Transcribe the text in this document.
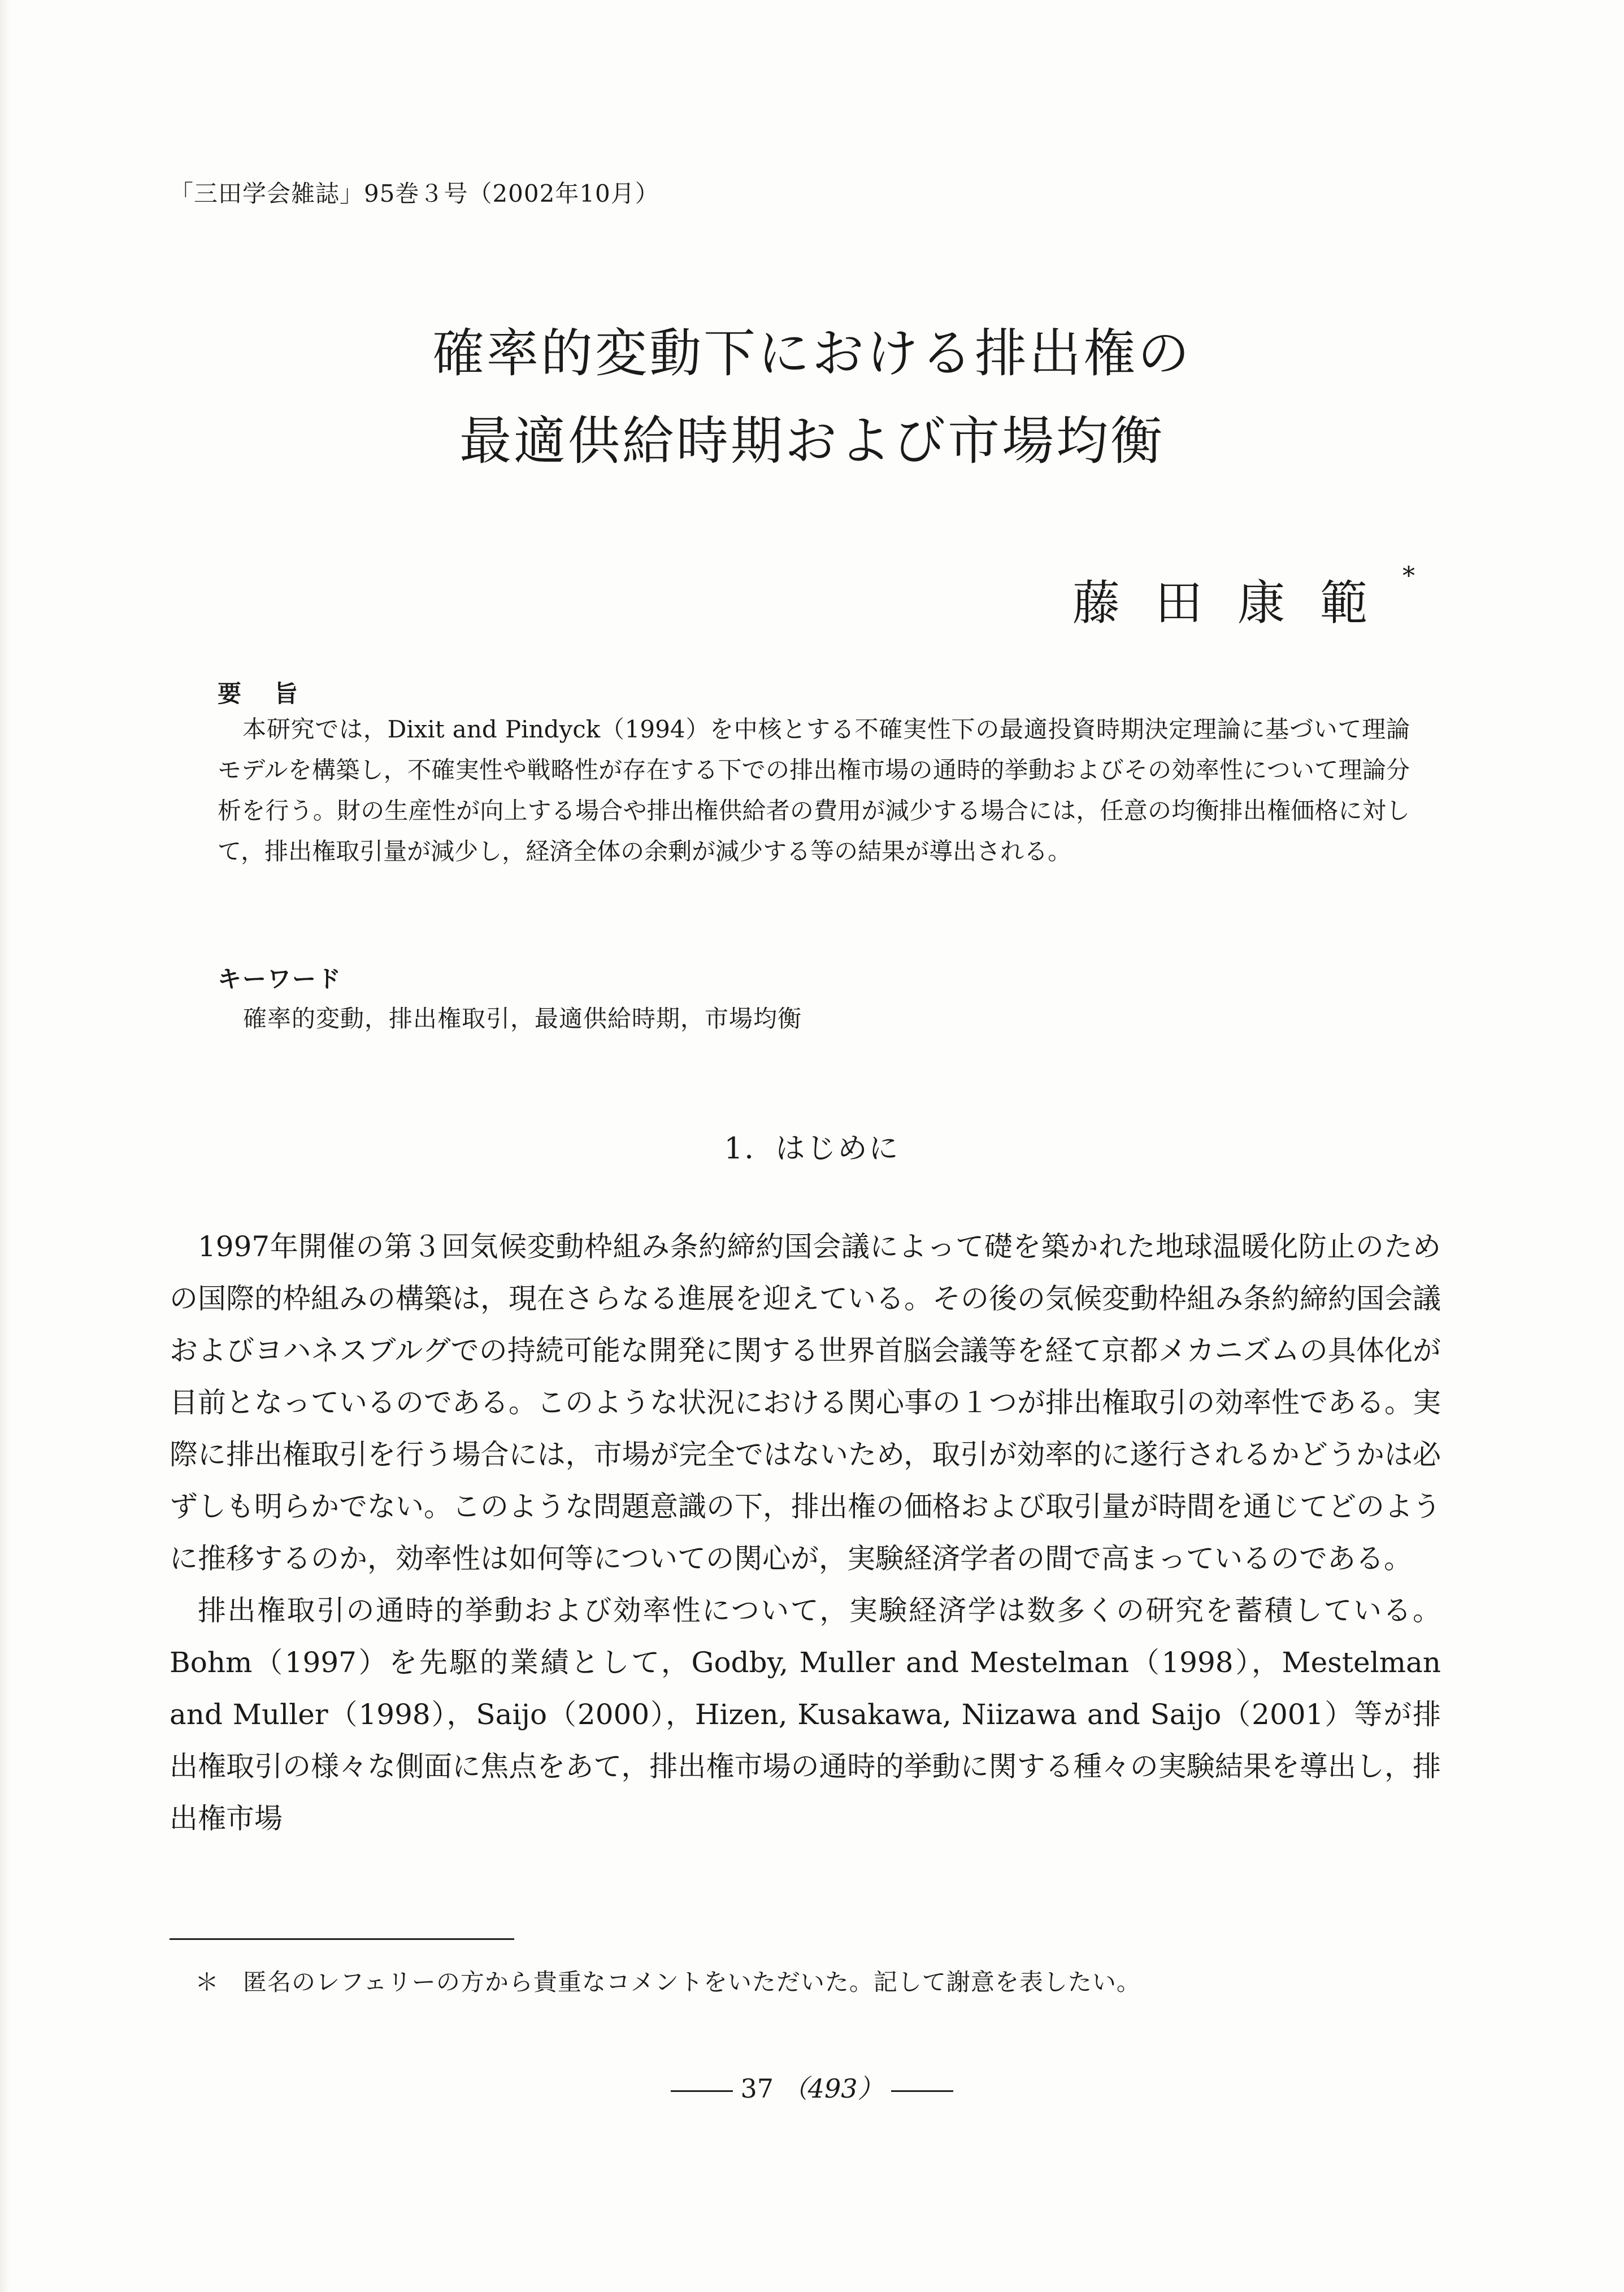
「三田学会雑誌」95巻３号（2002年10月）
確率的変動下における排出権の
最適供給時期および市場均衡
藤田康範*
要旨
本研究では，Dixit and Pindyck（1994）を中核とする不確実性下の最適投資時期決定理論に基づいて理論モデルを構築し，不確実性や戦略性が存在する下での排出権市場の通時的挙動およびその効率性について理論分析を行う。財の生産性が向上する場合や排出権供給者の費用が減少する場合には，任意の均衡排出権価格に対して，排出権取引量が減少し，経済全体の余剰が減少する等の結果が導出される。
キーワード
確率的変動，排出権取引，最適供給時期，市場均衡
1．はじめに

1997年開催の第３回気候変動枠組み条約締約国会議によって礎を築かれた地球温暖化防止のための国際的枠組みの構築は，現在さらなる進展を迎えている。その後の気候変動枠組み条約締約国会議およびヨハネスブルグでの持続可能な開発に関する世界首脳会議等を経て京都メカニズムの具体化が目前となっているのである。このような状況における関心事の１つが排出権取引の効率性である。実際に排出権取引を行う場合には，市場が完全ではないため，取引が効率的に遂行されるかどうかは必ずしも明らかでない。このような問題意識の下，排出権の価格および取引量が時間を通じてどのように推移するのか，効率性は如何等についての関心が，実験経済学者の間で高まっているのである。

排出権取引の通時的挙動および効率性について，実験経済学は数多くの研究を蓄積している。Bohm（1997）を先駆的業績として，Godby, Muller and Mestelman（1998），Mestelman and Muller（1998），Saijo（2000），Hizen, Kusakawa, Niizawa and Saijo（2001）等が排出権取引の様々な側面に焦点をあて，排出権市場の通時的挙動に関する種々の実験結果を導出し，排出権市場

＊ 匿名のレフェリーの方から貴重なコメントをいただいた。記して謝意を表したい。
37 （493）
